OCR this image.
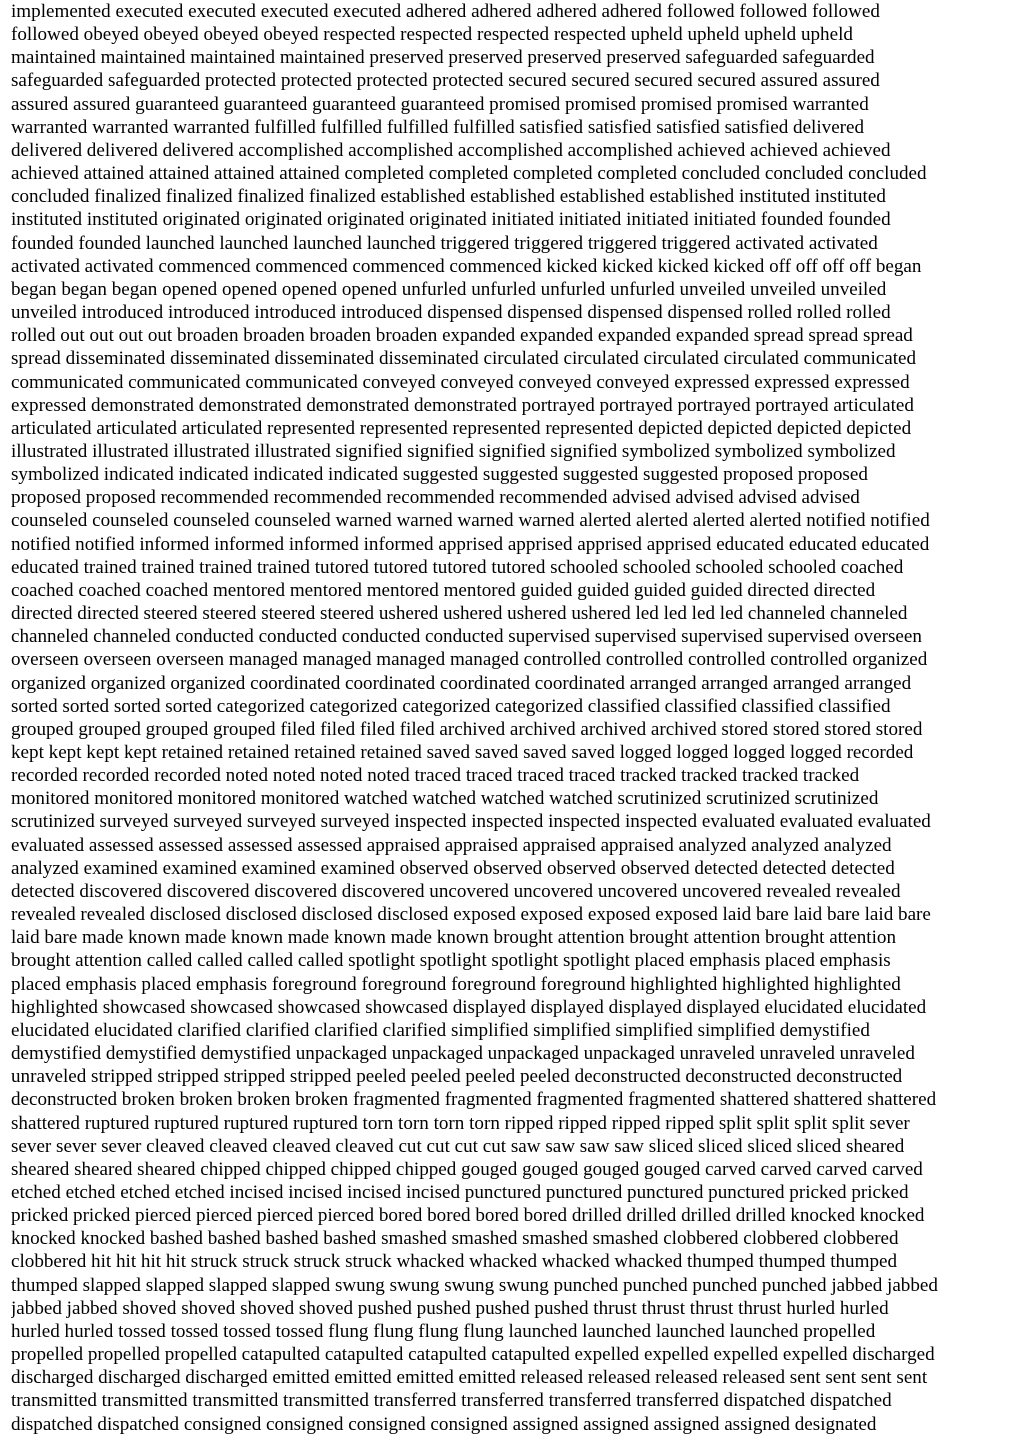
implemented executed executed executed executed adhered adhered adhered adhered followed followed followed
followed obeyed obeyed obeyed obeyed respected respected respected respected upheld upheld upheld upheld
maintained maintained maintained maintained preserved preserved preserved preserved safeguarded safeguarded
safeguarded safeguarded protected protected protected protected secured secured secured secured assured assured
assured assured guaranteed guaranteed guaranteed guaranteed promised promised promised promised warranted
warranted warranted warranted fulfilled fulfilled fulfilled fulfilled satisfied satisfied satisfied satisfied delivered
delivered delivered delivered accomplished accomplished accomplished accomplished achieved achieved achieved
achieved attained attained attained attained completed completed completed completed concluded concluded concluded
concluded finalized finalized finalized finalized established established established established instituted instituted
instituted instituted originated originated originated originated initiated initiated initiated initiated founded founded
founded founded launched launched launched launched triggered triggered triggered triggered activated activated
activated activated commenced commenced commenced commenced kicked kicked kicked kicked off off off off began
began began began opened opened opened opened unfurled unfurled unfurled unfurled unveiled unveiled unveiled
unveiled introduced introduced introduced introduced dispensed dispensed dispensed dispensed rolled rolled rolled
rolled out out out out broaden broaden broaden broaden expanded expanded expanded expanded spread spread spread
spread disseminated disseminated disseminated disseminated circulated circulated circulated circulated communicated
communicated communicated communicated conveyed conveyed conveyed conveyed expressed expressed expressed
expressed demonstrated demonstrated demonstrated demonstrated portrayed portrayed portrayed portrayed articulated
articulated articulated articulated represented represented represented represented depicted depicted depicted depicted
illustrated illustrated illustrated illustrated signified signified signified signified symbolized symbolized symbolized
symbolized indicated indicated indicated indicated suggested suggested suggested suggested proposed proposed
proposed proposed recommended recommended recommended recommended advised advised advised advised
counseled counseled counseled counseled warned warned warned warned alerted alerted alerted alerted notified notified
notified notified informed informed informed informed apprised apprised apprised apprised educated educated educated
educated trained trained trained trained tutored tutored tutored tutored schooled schooled schooled schooled coached
coached coached coached mentored mentored mentored mentored guided guided guided guided directed directed
directed directed steered steered steered steered ushered ushered ushered ushered led led led led channeled channeled
channeled channeled conducted conducted conducted conducted supervised supervised supervised supervised overseen
overseen overseen overseen managed managed managed managed controlled controlled controlled controlled organized
organized organized organized coordinated coordinated coordinated coordinated arranged arranged arranged arranged
sorted sorted sorted sorted categorized categorized categorized categorized classified classified classified classified
grouped grouped grouped grouped filed filed filed filed archived archived archived archived stored stored stored stored
kept kept kept kept retained retained retained retained saved saved saved saved logged logged logged logged recorded
recorded recorded recorded noted noted noted noted traced traced traced traced tracked tracked tracked tracked
monitored monitored monitored monitored watched watched watched watched scrutinized scrutinized scrutinized
scrutinized surveyed surveyed surveyed surveyed inspected inspected inspected inspected evaluated evaluated evaluated
evaluated assessed assessed assessed assessed appraised appraised appraised appraised analyzed analyzed analyzed
analyzed examined examined examined examined observed observed observed observed detected detected detected
detected discovered discovered discovered discovered uncovered uncovered uncovered uncovered revealed revealed
revealed revealed disclosed disclosed disclosed disclosed exposed exposed exposed exposed laid bare laid bare laid bare
laid bare made known made known made known made known brought attention brought attention brought attention
brought attention called called called called spotlight spotlight spotlight spotlight placed emphasis placed emphasis
placed emphasis placed emphasis foreground foreground foreground foreground highlighted highlighted highlighted
highlighted showcased showcased showcased showcased displayed displayed displayed displayed elucidated elucidated
elucidated elucidated clarified clarified clarified clarified simplified simplified simplified simplified demystified
demystified demystified demystified unpackaged unpackaged unpackaged unpackaged unraveled unraveled unraveled
unraveled stripped stripped stripped stripped peeled peeled peeled peeled deconstructed deconstructed deconstructed
deconstructed broken broken broken broken fragmented fragmented fragmented fragmented shattered shattered shattered
shattered ruptured ruptured ruptured ruptured torn torn torn torn ripped ripped ripped ripped split split split split sever
sever sever sever cleaved cleaved cleaved cleaved cut cut cut cut saw saw saw saw sliced sliced sliced sliced sheared
sheared sheared sheared chipped chipped chipped chipped gouged gouged gouged gouged carved carved carved carved
etched etched etched etched incised incised incised incised punctured punctured punctured punctured pricked pricked
pricked pricked pierced pierced pierced pierced bored bored bored bored drilled drilled drilled drilled knocked knocked
knocked knocked bashed bashed bashed bashed smashed smashed smashed smashed clobbered clobbered clobbered
clobbered hit hit hit hit struck struck struck struck whacked whacked whacked whacked thumped thumped thumped
thumped slapped slapped slapped slapped swung swung swung swung punched punched punched punched jabbed jabbed
jabbed jabbed shoved shoved shoved shoved pushed pushed pushed pushed thrust thrust thrust thrust hurled hurled
hurled hurled tossed tossed tossed tossed flung flung flung flung launched launched launched launched propelled
propelled propelled propelled catapulted catapulted catapulted catapulted expelled expelled expelled expelled discharged
discharged discharged discharged emitted emitted emitted emitted released released released released sent sent sent sent
transmitted transmitted transmitted transmitted transferred transferred transferred transferred dispatched dispatched
dispatched dispatched consigned consigned consigned consigned assigned assigned assigned assigned designated
